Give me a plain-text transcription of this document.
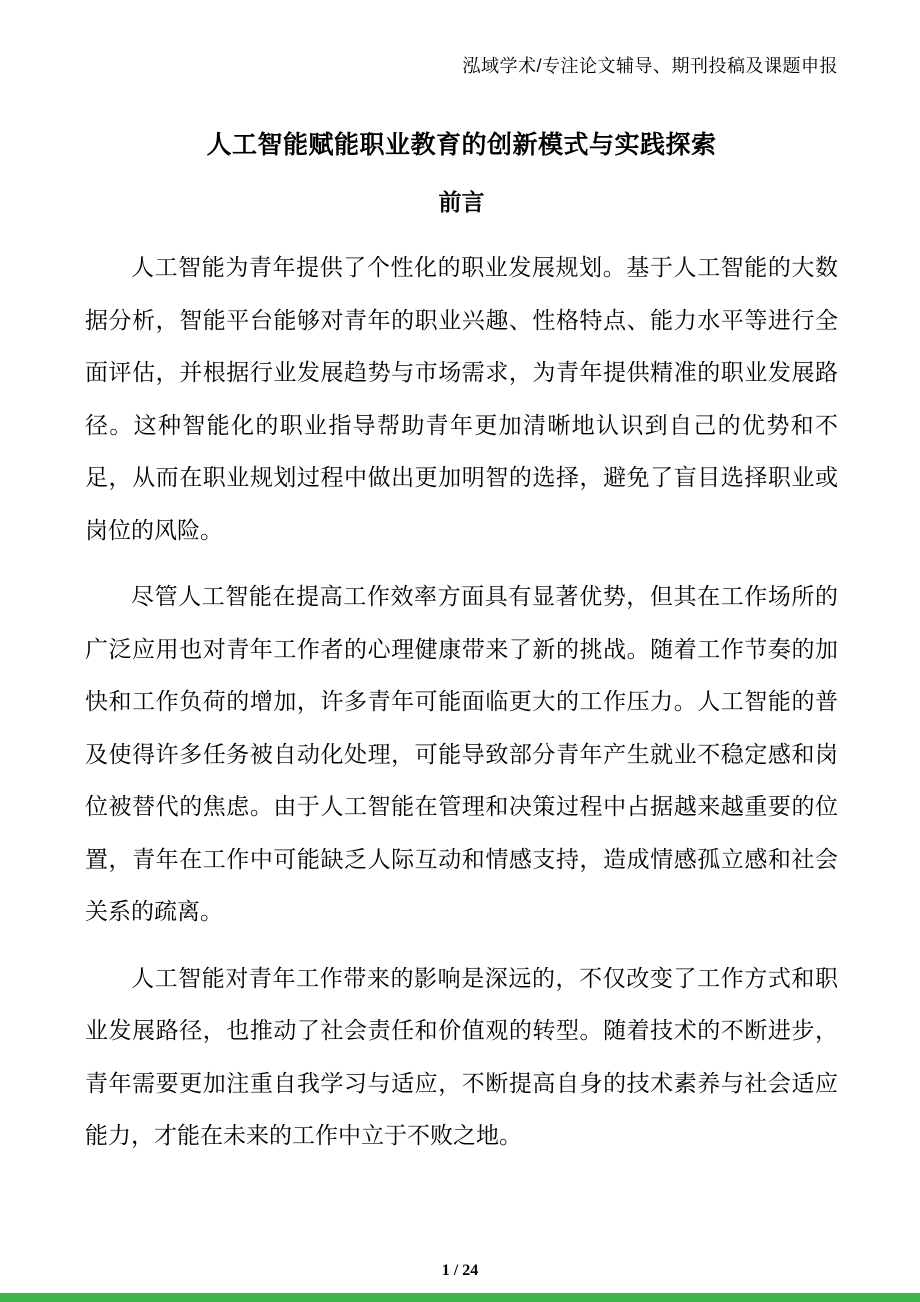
泓域学术/专注论文辅导、期刊投稿及课题申报
人工智能赋能职业教育的创新模式与实践探索
前言

人工智能为青年提供了个性化的职业发展规划。基于人工智能的大数据分析，智能平台能够对青年的职业兴趣、性格特点、能力水平等进行全面评估，并根据行业发展趋势与市场需求，为青年提供精准的职业发展路径。这种智能化的职业指导帮助青年更加清晰地认识到自己的优势和不足，从而在职业规划过程中做出更加明智的选择，避免了盲目选择职业或岗位的风险。

尽管人工智能在提高工作效率方面具有显著优势，但其在工作场所的广泛应用也对青年工作者的心理健康带来了新的挑战。随着工作节奏的加快和工作负荷的增加，许多青年可能面临更大的工作压力。人工智能的普及使得许多任务被自动化处理，可能导致部分青年产生就业不稳定感和岗位被替代的焦虑。由于人工智能在管理和决策过程中占据越来越重要的位置，青年在工作中可能缺乏人际互动和情感支持，造成情感孤立感和社会关系的疏离。

人工智能对青年工作带来的影响是深远的，不仅改变了工作方式和职业发展路径，也推动了社会责任和价值观的转型。随着技术的不断进步，青年需要更加注重自我学习与适应，不断提高自身的技术素养与社会适应能力，才能在未来的工作中立于不败之地。

1 / 24
